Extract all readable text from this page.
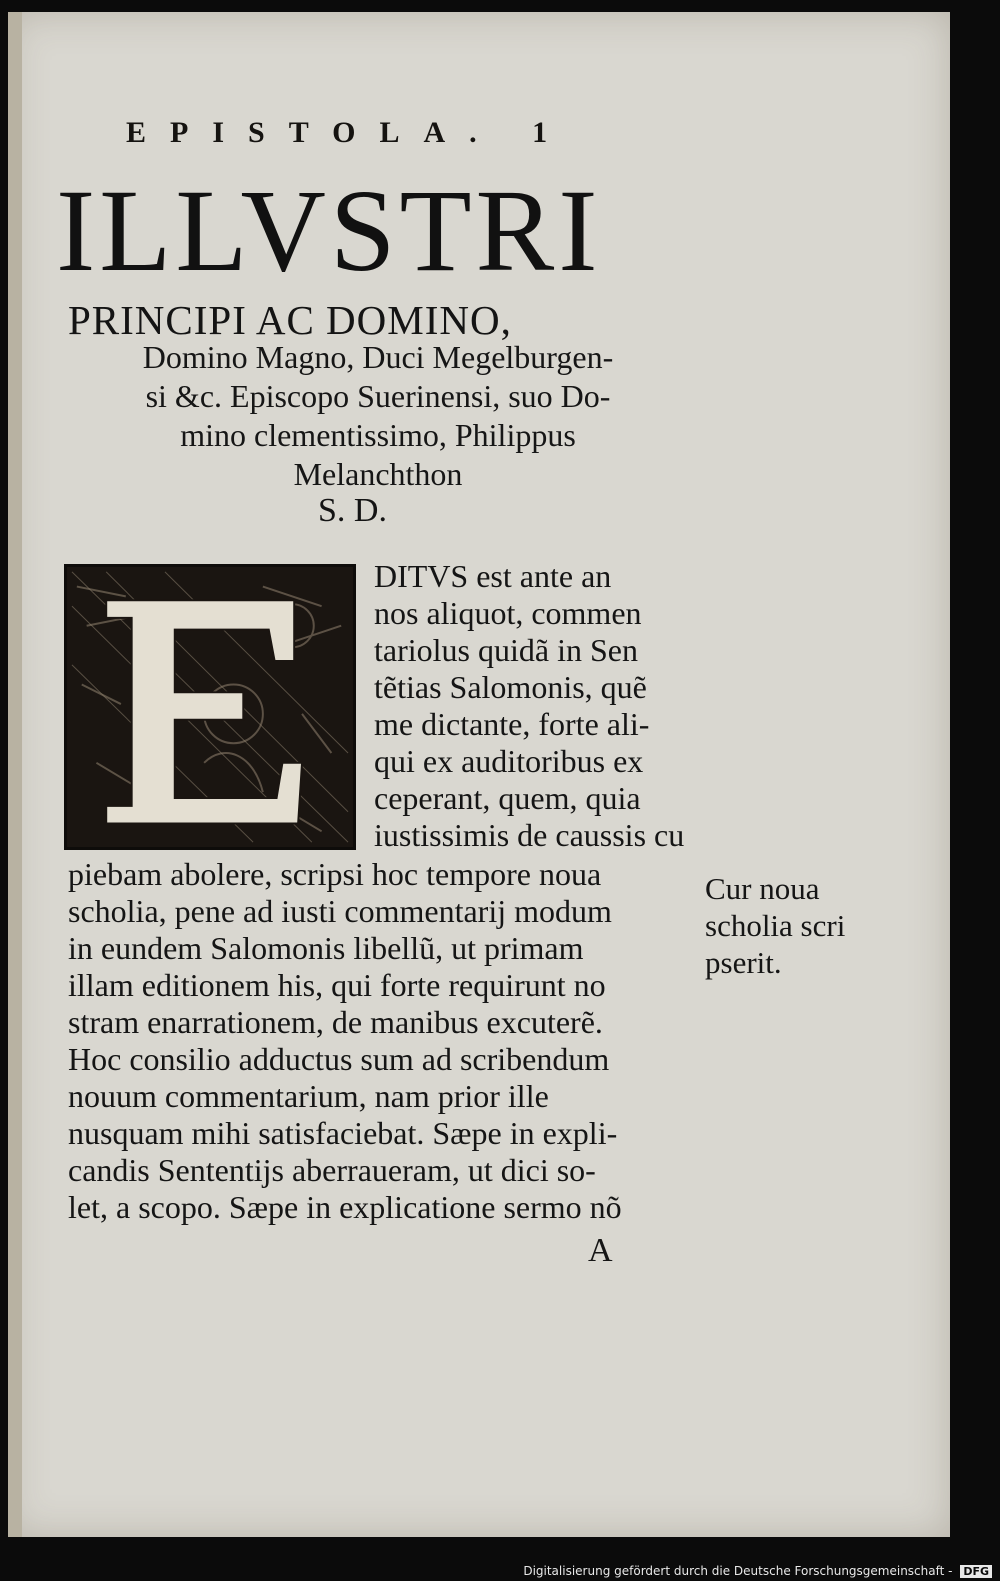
EPISTOLA. 1
ILLVSTRI
PRINCIPI AC DOMINO,
Domino Magno, Duci Megelburgen-
si &c. Episcopo Suerinensi, suo Do-
mino clementissimo, Philippus
Melanchthon
S. D.
E	DITVS est ante an
nos aliquot, commen
tariolus quidã in Sen
tẽtias Salomonis, quẽ
me dictante, forte ali-
qui ex auditoribus ex
ceperant, quem, quia
iustissimis de caussis cu
piebam abolere, scripsi hoc tempore noua
scholia, pene ad iusti commentarij modum
in eundem Salomonis libellũ, ut primam
illam editionem his, qui forte requirunt no
stram enarrationem, de manibus excuterẽ.
Hoc consilio adductus sum ad scribendum
nouum commentarium, nam prior ille
nusquam mihi satisfaciebat. Sæpe in expli-
candis Sententijs aberraueram, ut dici so-
let, a scopo. Sæpe in explicatione sermo nõ
Cur noua
scholia scri
pserit.
A
Digitalisierung gefördert durch die Deutsche Forschungsgemeinschaft - DFG
